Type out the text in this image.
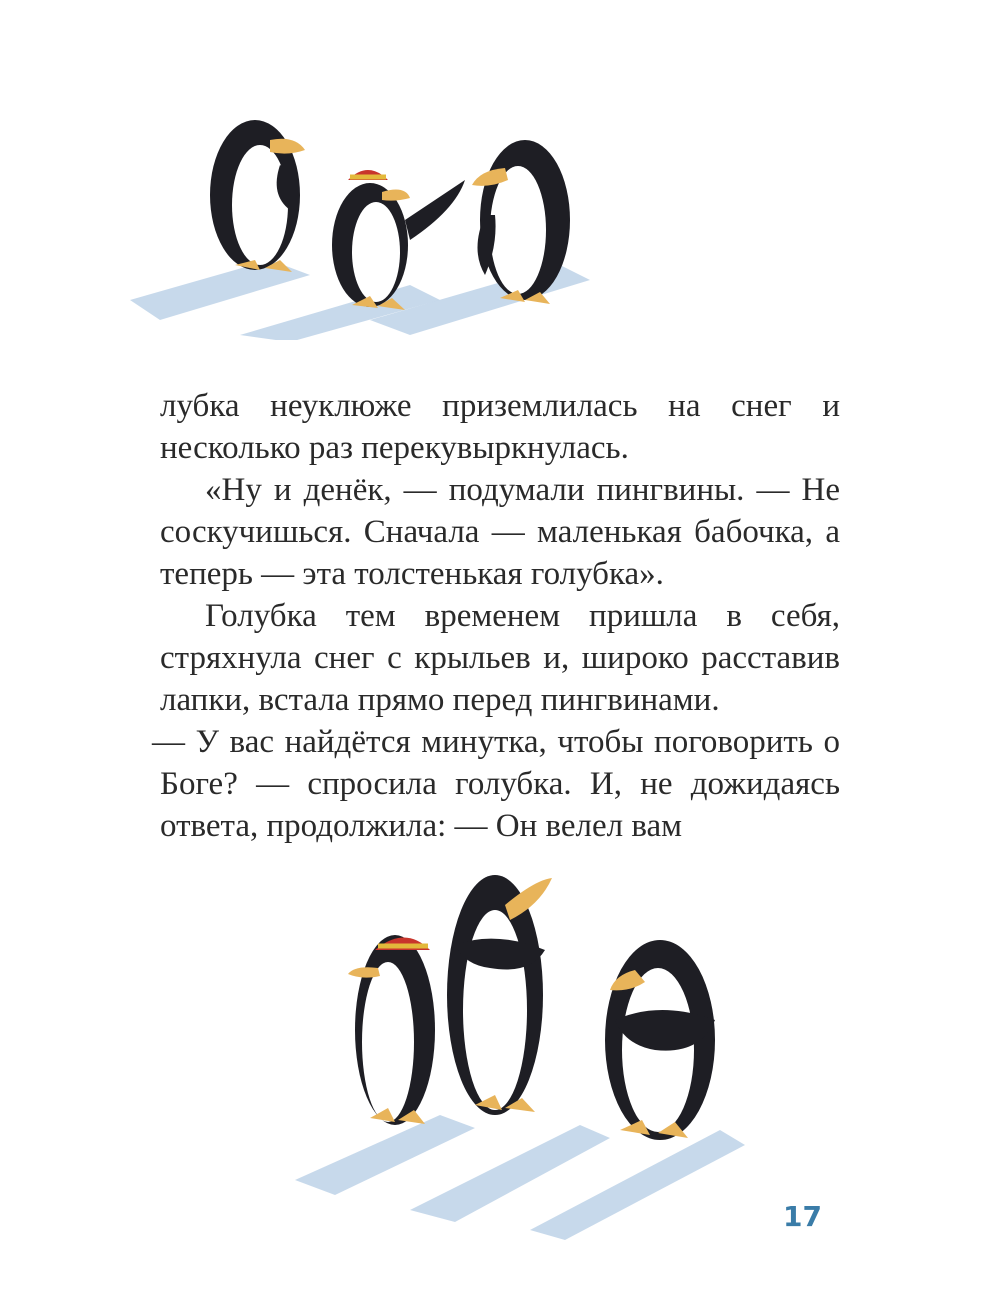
лубка неуклюже приземлилась на снег и несколько раз перекувыркнулась.

«Ну и денёк, — подумали пингвины. — Не соскучишься. Сначала — маленькая бабочка, а теперь — эта толстенькая голубка».

Голубка тем временем пришла в себя, стряхнула снег с крыльев и, широко расставив лапки, встала прямо перед пингвинами.

— У вас найдётся минутка, чтобы поговорить о Боге? — спросила голубка. И, не дожидаясь ответа, продолжила: — Он велел вам

17
